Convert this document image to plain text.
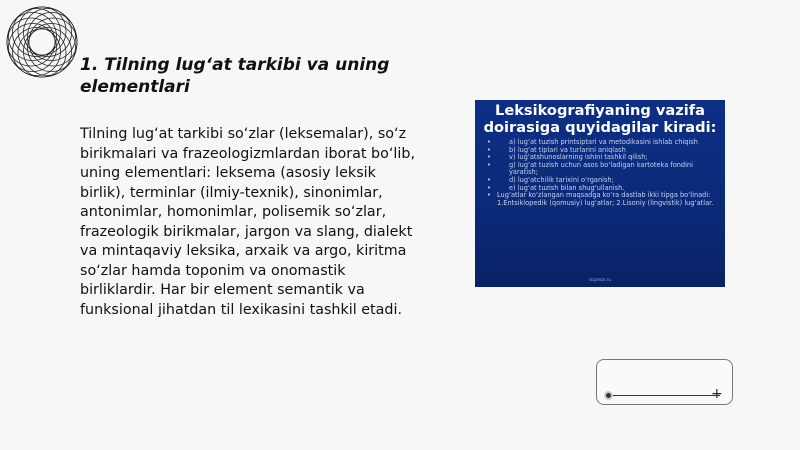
1. Tilning lug‘at tarkibi va uning elementlari
Tilning lug‘at tarkibi so‘zlar (leksemalar), so‘z birikmalari va frazeologizmlardan iborat bo‘lib, uning elementlari: leksema (asosiy leksik birlik), terminlar (ilmiy-texnik), sinonimlar, antonimlar, homonimlar, polisemik so‘zlar, frazeologik birikmalar, jargon va slang, dialekt va mintaqaviy leksika, arxaik va argo, kiritma so‘zlar hamda toponim va onomastik birliklardir. Har bir element semantik va funksional jihatdan til lexikasini tashkil etadi.
Leksikografiyaning vazifa doirasiga quyidagilar kiradi:
• a) lug‘at tuzish printsiptari va metodikasini ishlab chiqish
• b) lug‘at tiplari va turlarini aniqlash
• v) lug‘atshunoslarning ishini tashkil qilish;
• g) lug‘at tuzish uchun asos bo‘ladigan kartoteka fondini yaratish;
• d) lug‘atchilik tarixini o‘rganish;
• e) lug‘at tuzish bilan shug‘ullanish.
• Lug‘atlar ko‘zlangan maqsadga ko‘ra dastlab ikki tipga bo‘linadi: 1.Entsiklopedik (qomusiy) lug‘atlar; 2.Lisoniy (lingvistik) lug‘atlar.
sizpreza.ru
+
